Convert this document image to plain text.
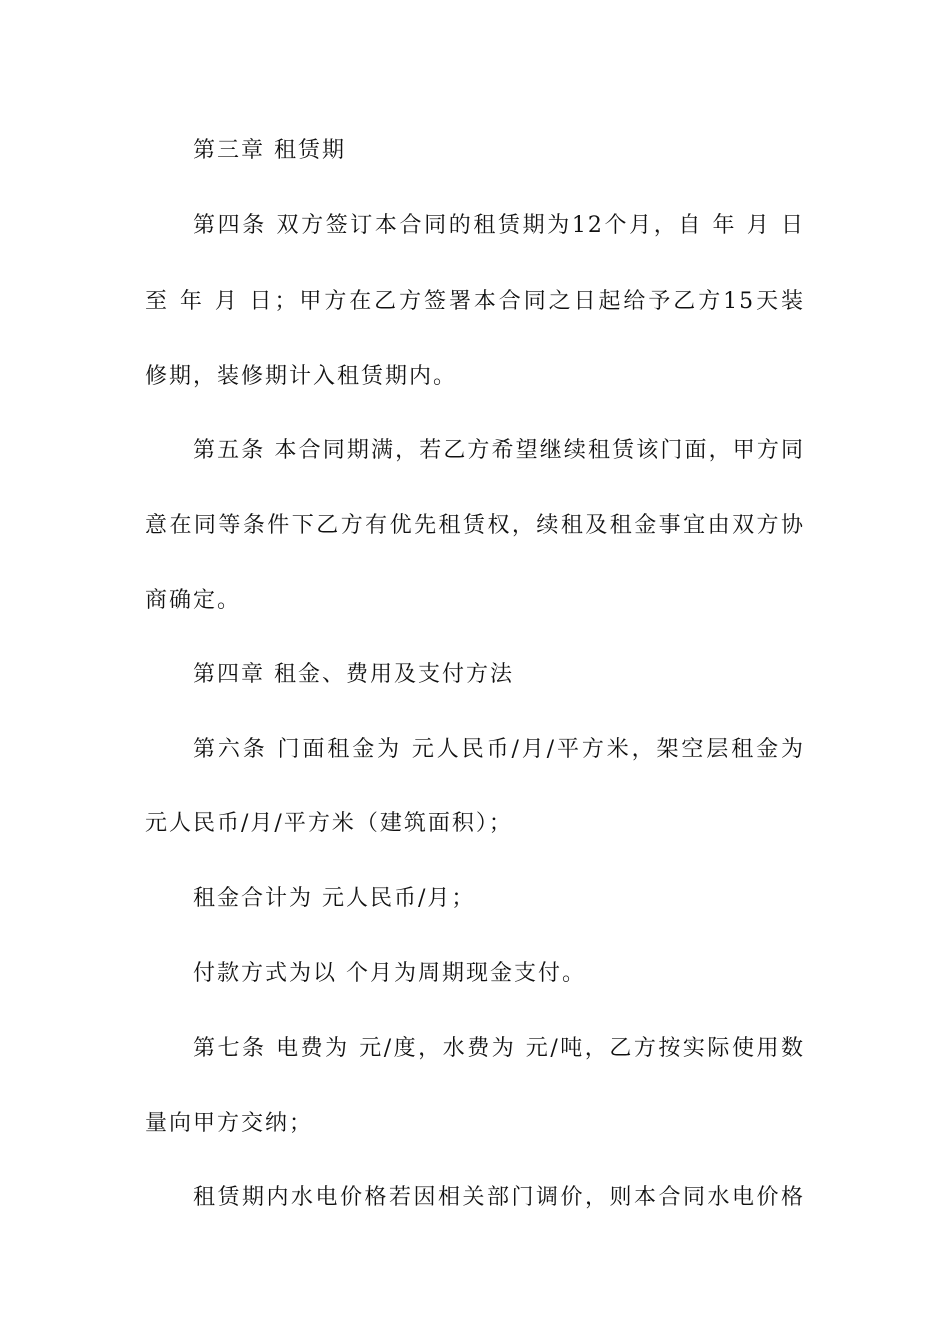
第三章 租赁期
第四条 双方签订本合同的租赁期为12个月，自 年 月 日
至 年 月 日；甲方在乙方签署本合同之日起给予乙方15天装
修期，装修期计入租赁期内。
第五条 本合同期满，若乙方希望继续租赁该门面，甲方同
意在同等条件下乙方有优先租赁权，续租及租金事宜由双方协
商确定。
第四章 租金、费用及支付方法
第六条 门面租金为 元人民币/月/平方米，架空层租金为
元人民币/月/平方米（建筑面积）；
租金合计为 元人民币/月；
付款方式为以 个月为周期现金支付。
第七条 电费为 元/度，水费为 元/吨，乙方按实际使用数
量向甲方交纳；
租赁期内水电价格若因相关部门调价，则本合同水电价格
